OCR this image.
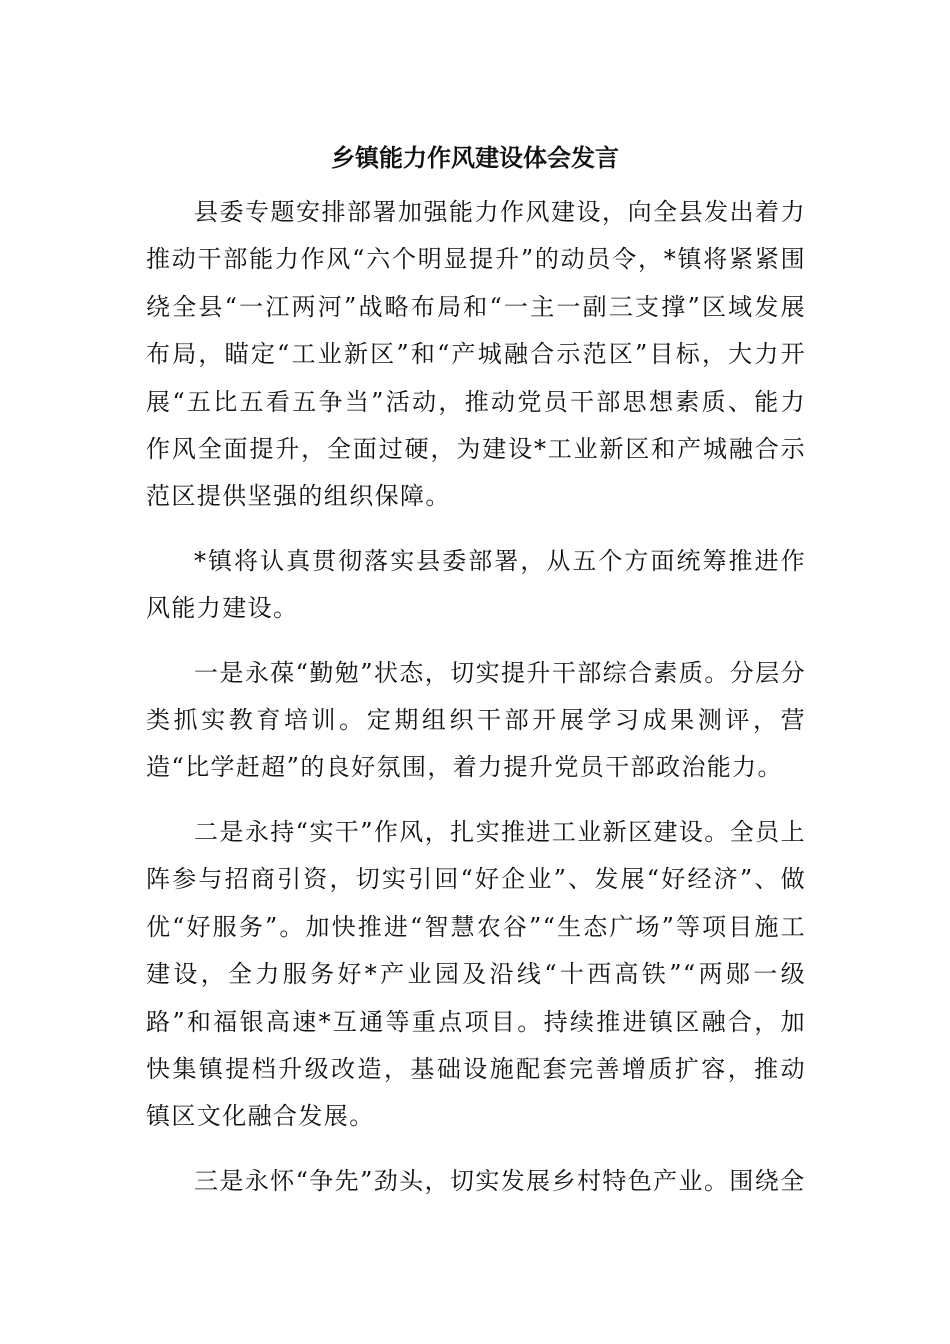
乡镇能力作风建设体会发言

县委专题安排部署加强能力作风建设，向全县发出着力推动干部能力作风“六个明显提升”的动员令，*镇将紧紧围绕全县“一江两河”战略布局和“一主一副三支撑”区域发展布局，瞄定“工业新区”和“产城融合示范区”目标，大力开展“五比五看五争当”活动，推动党员干部思想素质、能力作风全面提升，全面过硬，为建设*工业新区和产城融合示范区提供坚强的组织保障。

*镇将认真贯彻落实县委部署，从五个方面统筹推进作风能力建设。

一是永葆“勤勉”状态，切实提升干部综合素质。分层分类抓实教育培训。定期组织干部开展学习成果测评，营造“比学赶超”的良好氛围，着力提升党员干部政治能力。

二是永持“实干”作风，扎实推进工业新区建设。全员上阵参与招商引资，切实引回“好企业”、发展“好经济”、做优“好服务”。加快推进“智慧农谷”“生态广场”等项目施工建设，全力服务好*产业园及沿线“十西高铁”“两郧一级路”和福银高速*互通等重点项目。持续推进镇区融合，加快集镇提档升级改造，基础设施配套完善增质扩容，推动镇区文化融合发展。

三是永怀“争先”劲头，切实发展乡村特色产业。围绕全
